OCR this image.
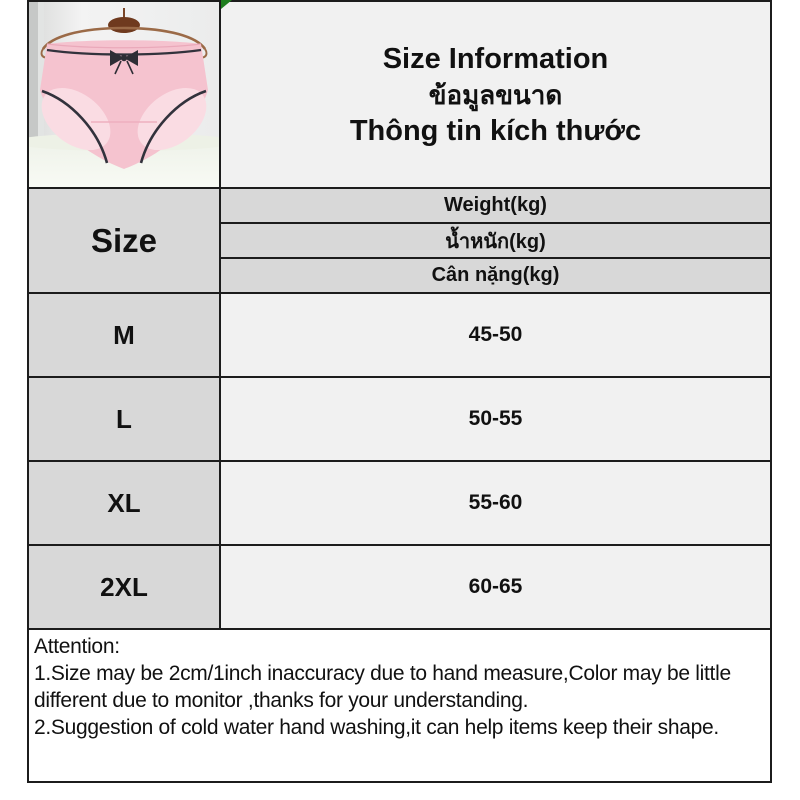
Size Information
ข้อมูลขนาด
Thông tin kích thước

Size	Weight(kg)
	น้ำหนัก(kg)
	Cân nặng(kg)
M	45-50
L	50-55
XL	55-60
2XL	60-65

Attention:
1.Size may be 2cm/1inch inaccuracy due to hand measure,Color may be little different due to monitor ,thanks for your understanding.
2.Suggestion of cold water hand washing,it can help items keep their shape.	
